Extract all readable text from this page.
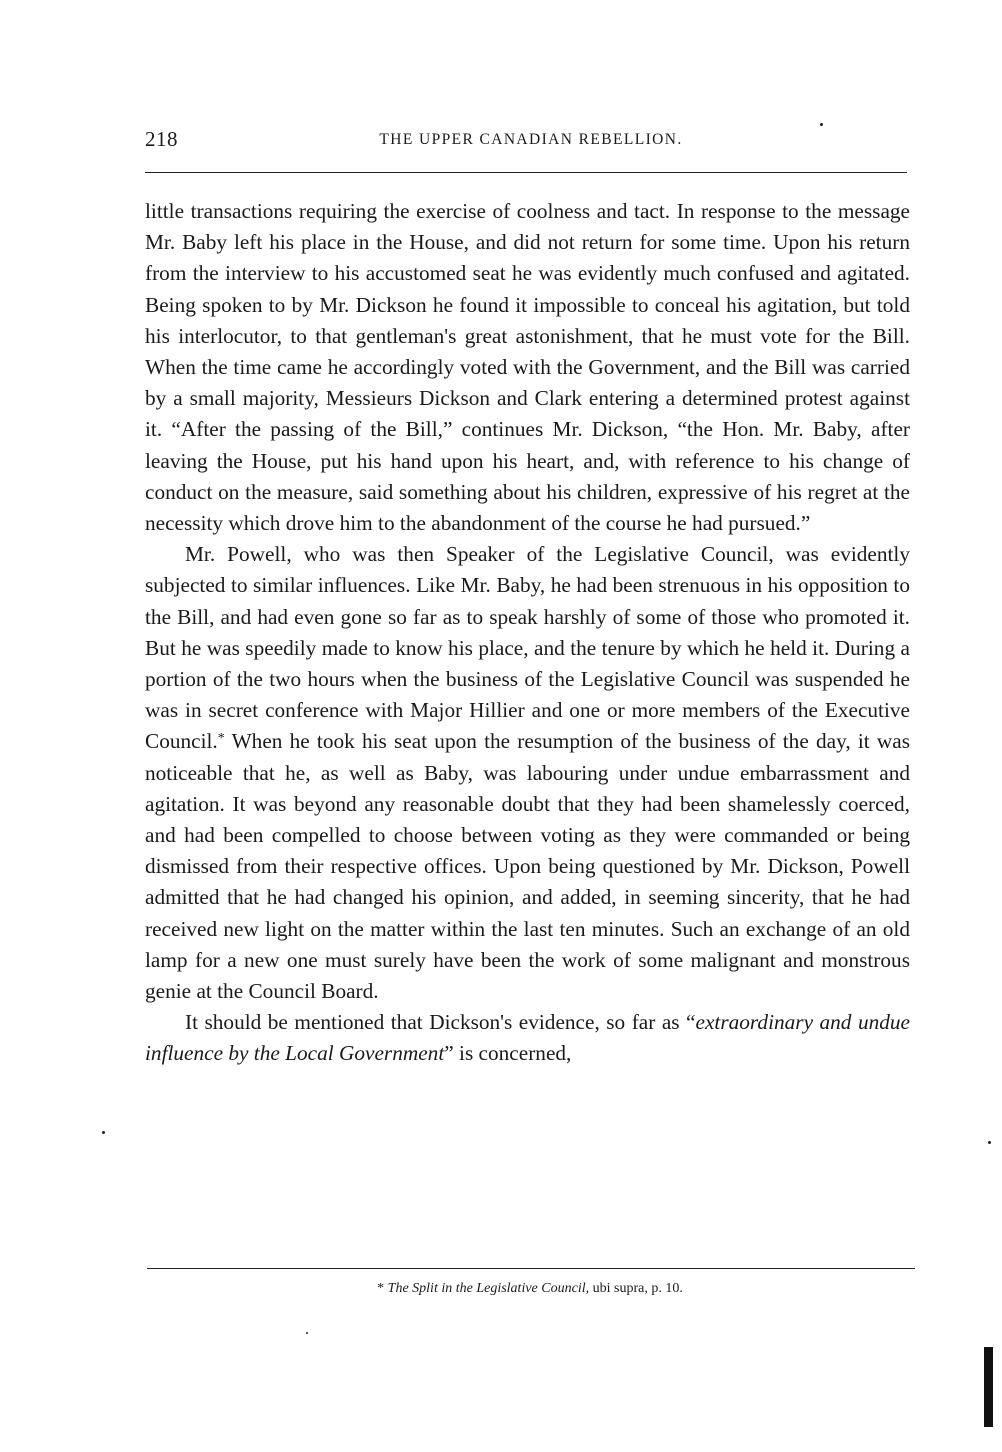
218	THE UPPER CANADIAN REBELLION.

little transactions requiring the exercise of coolness and tact. In response to the message Mr. Baby left his place in the House, and did not return for some time. Upon his return from the interview to his accustomed seat he was evidently much confused and agitated. Being spoken to by Mr. Dickson he found it impossible to conceal his agitation, but told his interlocutor, to that gentleman's great astonishment, that he must vote for the Bill. When the time came he accordingly voted with the Government, and the Bill was carried by a small majority, Messieurs Dickson and Clark entering a determined protest against it. “After the passing of the Bill,” continues Mr. Dickson, “the Hon. Mr. Baby, after leaving the House, put his hand upon his heart, and, with reference to his change of conduct on the measure, said something about his children, expressive of his regret at the necessity which drove him to the abandonment of the course he had pursued.”

Mr. Powell, who was then Speaker of the Legislative Council, was evidently subjected to similar influences. Like Mr. Baby, he had been strenuous in his opposition to the Bill, and had even gone so far as to speak harshly of some of those who promoted it. But he was speedily made to know his place, and the tenure by which he held it. During a portion of the two hours when the business of the Legislative Council was suspended he was in secret conference with Major Hillier and one or more members of the Executive Council.* When he took his seat upon the resumption of the business of the day, it was noticeable that he, as well as Baby, was labouring under undue embarrassment and agitation. It was beyond any reasonable doubt that they had been shamelessly coerced, and had been compelled to choose between voting as they were commanded or being dismissed from their respective offices. Upon being questioned by Mr. Dickson, Powell admitted that he had changed his opinion, and added, in seeming sincerity, that he had received new light on the matter within the last ten minutes. Such an exchange of an old lamp for a new one must surely have been the work of some malignant and monstrous genie at the Council Board.

It should be mentioned that Dickson's evidence, so far as “extraordinary and undue influence by the Local Government” is concerned,

* The Split in the Legislative Council, ubi supra, p. 10.
